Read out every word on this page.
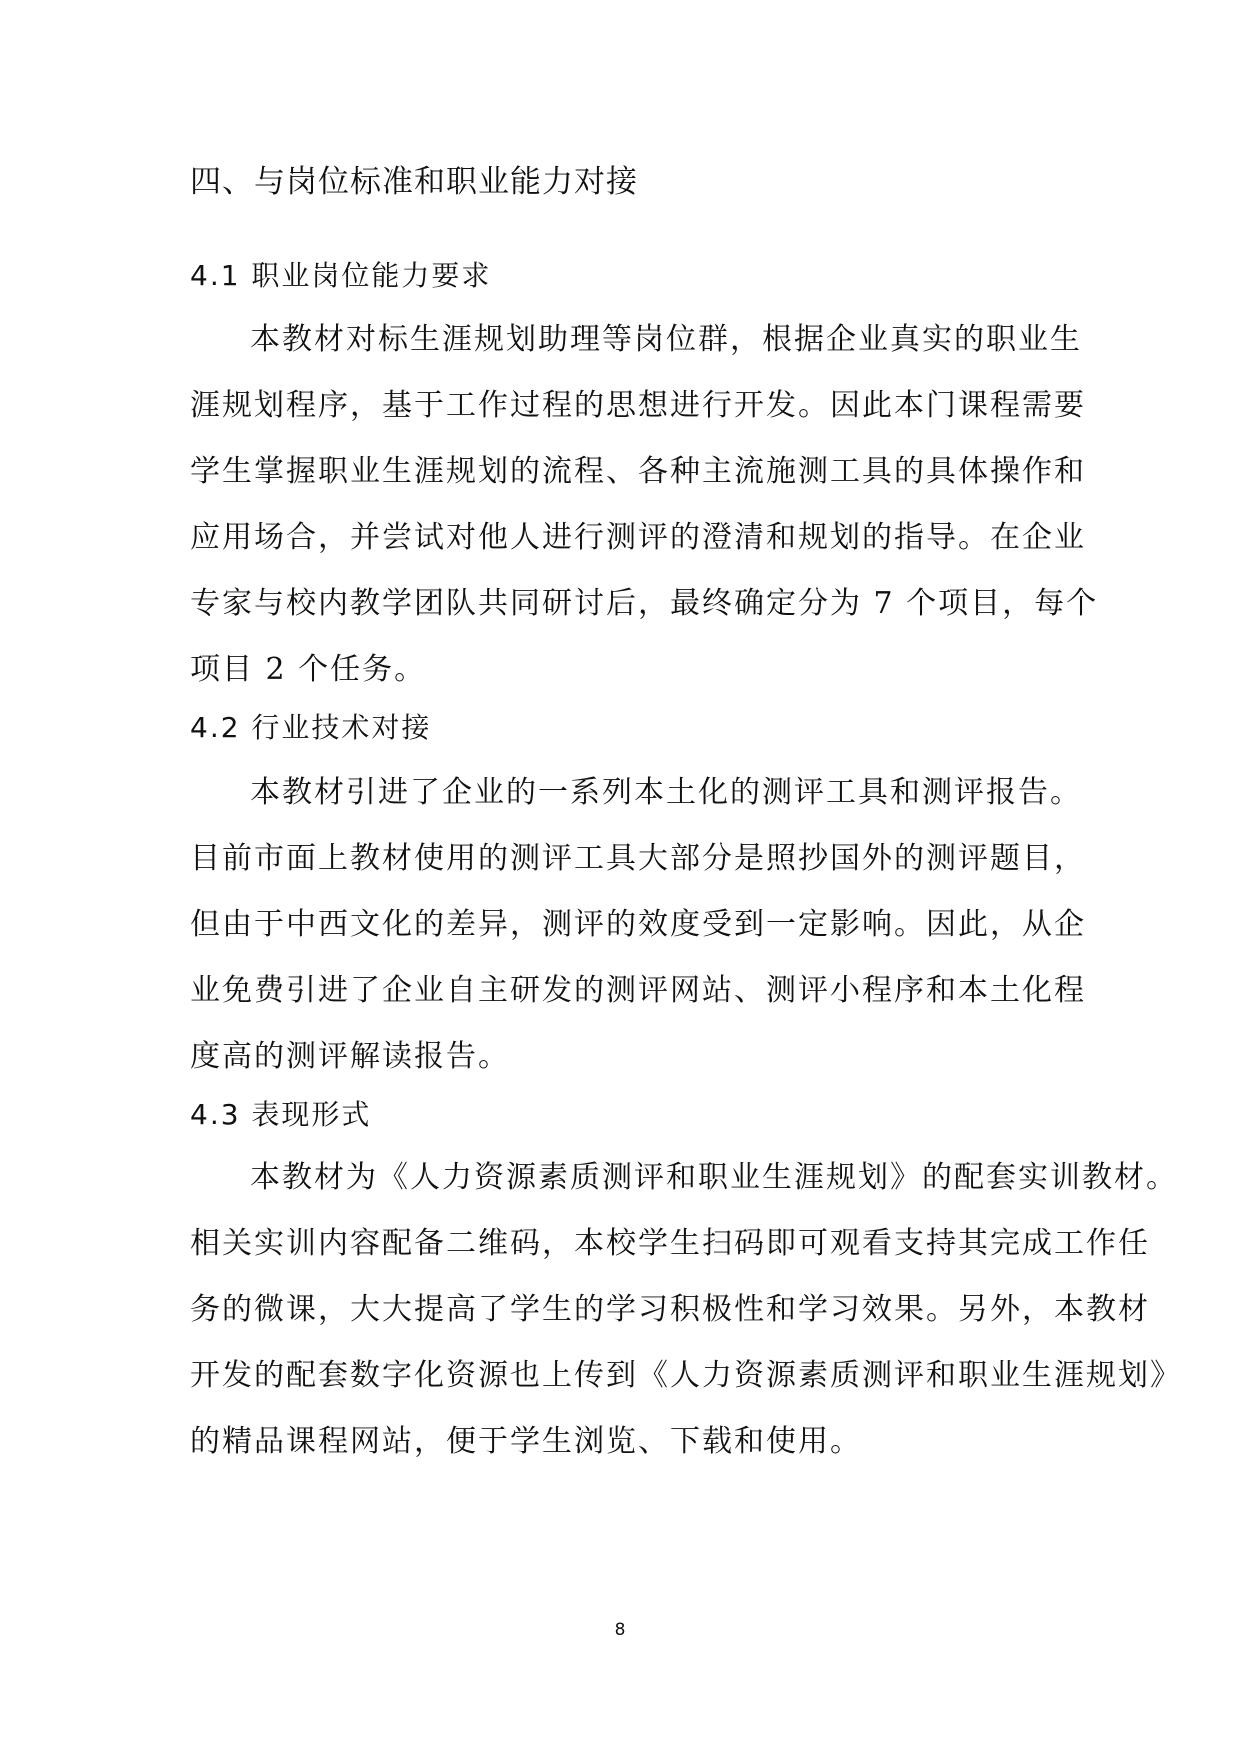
四、与岗位标准和职业能力对接
4.1 职业岗位能力要求
本教材对标生涯规划助理等岗位群，根据企业真实的职业生
涯规划程序，基于工作过程的思想进行开发。因此本门课程需要
学生掌握职业生涯规划的流程、各种主流施测工具的具体操作和
应用场合，并尝试对他人进行测评的澄清和规划的指导。在企业
专家与校内教学团队共同研讨后，最终确定分为 7 个项目，每个
项目 2 个任务。
4.2 行业技术对接
本教材引进了企业的一系列本土化的测评工具和测评报告。
目前市面上教材使用的测评工具大部分是照抄国外的测评题目，
但由于中西文化的差异，测评的效度受到一定影响。因此，从企
业免费引进了企业自主研发的测评网站、测评小程序和本土化程
度高的测评解读报告。
4.3 表现形式
本教材为《人力资源素质测评和职业生涯规划》的配套实训教材。
相关实训内容配备二维码，本校学生扫码即可观看支持其完成工作任
务的微课，大大提高了学生的学习积极性和学习效果。另外，本教材
开发的配套数字化资源也上传到《人力资源素质测评和职业生涯规划》
的精品课程网站，便于学生浏览、下载和使用。
8
